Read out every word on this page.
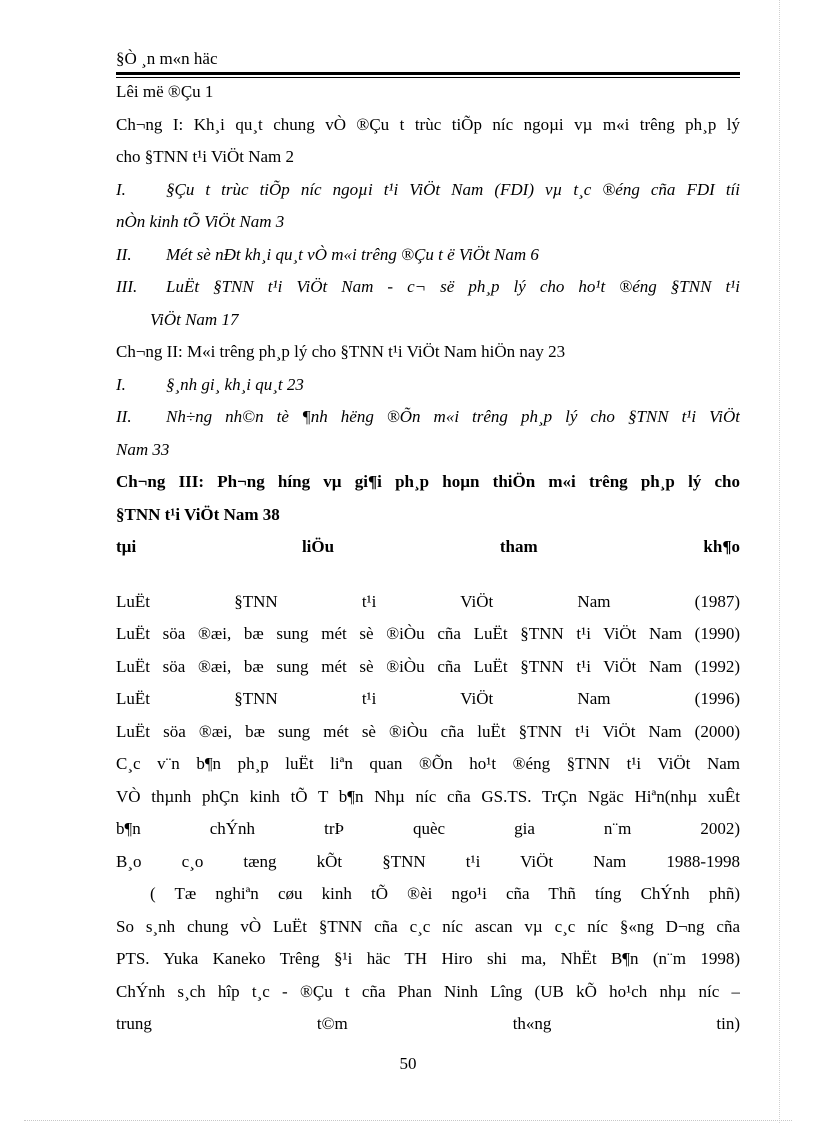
§Ò ¸n m«n häc
Lêi më ®Çu 1
Ch¬ng I: Kh¸i qu¸t chung vÒ ®Çu t trùc tiÕp níc ngoµi vµ m«i trêng ph¸p lý
cho §TNN t¹i ViÖt Nam 2
I. §Çu t trùc tiÕp níc ngoµi t¹i ViÖt Nam (FDI) vµ t¸c ®éng cña FDI tíi
nÒn kinh tÕ ViÖt Nam 3
II. Mét sè nÐt kh¸i qu¸t vÒ m«i trêng ®Çu t ë ViÖt Nam 6
III. LuËt §TNN t¹i ViÖt Nam - c¬ së ph¸p lý cho ho¹t ®éng §TNN t¹i
ViÖt Nam 17
Ch¬ng II: M«i trêng ph¸p lý cho §TNN t¹i ViÖt Nam hiÖn nay 23
I. §¸nh gi¸ kh¸i qu¸t 23
II. Nh÷ng nh©n tè ¶nh hëng ®Õn m«i trêng ph¸p lý cho §TNN t¹i ViÖt
Nam 33
Ch¬ng III: Ph¬ng híng vµ gi¶i ph¸p hoµn thiÖn m«i trêng ph¸p lý cho
§TNN t¹i ViÖt Nam 38
tµi liÖu tham kh¶o
LuËt §TNN t¹i ViÖt Nam (1987)
LuËt söa ®æi, bæ sung mét sè ®iÒu cña LuËt §TNN t¹i ViÖt Nam (1990)
LuËt söa ®æi, bæ sung mét sè ®iÒu cña LuËt §TNN t¹i ViÖt Nam (1992)
LuËt §TNN t¹i ViÖt Nam (1996)
LuËt söa ®æi, bæ sung mét sè ®iÒu cña luËt §TNN t¹i ViÖt Nam (2000)
C¸c v¨n b¶n ph¸p luËt liªn quan ®Õn ho¹t ®éng §TNN t¹i ViÖt Nam
VÒ thµnh phÇn kinh tÕ T b¶n Nhµ níc cña GS.TS. TrÇn Ngäc Hiªn(nhµ xuÊt
b¶n chÝnh trÞ quèc gia n¨m 2002)
B¸o c¸o tæng kÕt §TNN t¹i ViÖt Nam 1988-1998
( Tæ nghiªn cøu kinh tÕ ®èi ngo¹i cña Thñ tíng ChÝnh phñ)
So s¸nh chung vÒ LuËt §TNN cña c¸c níc ascan vµ c¸c níc §«ng D¬ng cña
PTS. Yuka Kaneko Trêng §¹i häc TH Hiro shi ma, NhËt B¶n (n¨m 1998)
ChÝnh s¸ch hîp t¸c - ®Çu t cña Phan Ninh Lîng (UB kÕ ho¹ch nhµ níc –
trung t©m th«ng tin)
50
